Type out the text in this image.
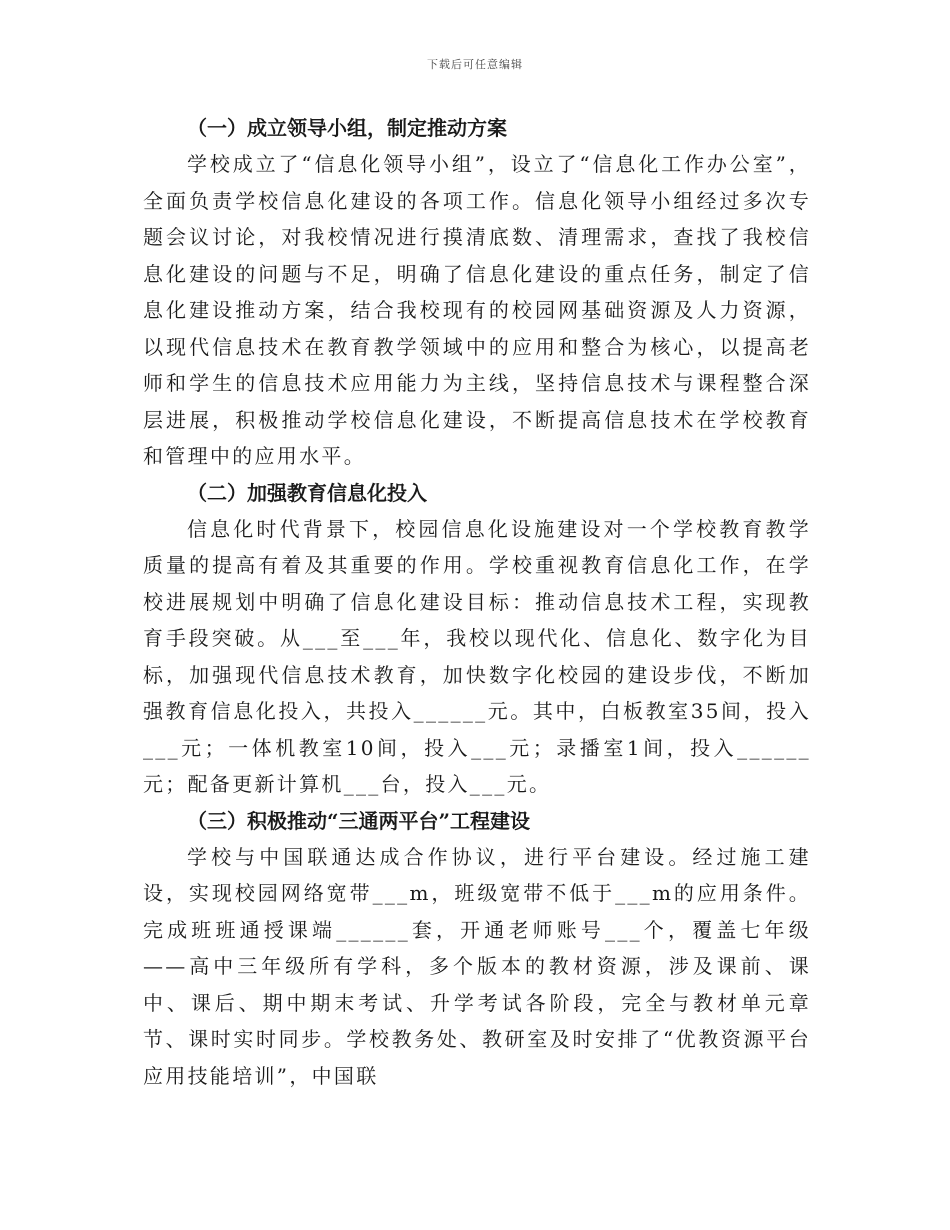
下载后可任意编辑
（一）成立领导小组，制定推动方案

学校成立了“信息化领导小组”，设立了“信息化工作办公室”，全面负责学校信息化建设的各项工作。信息化领导小组经过多次专题会议讨论，对我校情况进行摸清底数、清理需求，查找了我校信息化建设的问题与不足，明确了信息化建设的重点任务，制定了信息化建设推动方案，结合我校现有的校园网基础资源及人力资源，以现代信息技术在教育教学领域中的应用和整合为核心，以提高老师和学生的信息技术应用能力为主线，坚持信息技术与课程整合深层进展，积极推动学校信息化建设，不断提高信息技术在学校教育和管理中的应用水平。

（二）加强教育信息化投入

信息化时代背景下，校园信息化设施建设对一个学校教育教学质量的提高有着及其重要的作用。学校重视教育信息化工作，在学校进展规划中明确了信息化建设目标：推动信息技术工程，实现教育手段突破。从___至___年，我校以现代化、信息化、数字化为目标，加强现代信息技术教育，加快数字化校园的建设步伐，不断加强教育信息化投入，共投入______元。其中，白板教室35间，投入___元；一体机教室10间，投入___元；录播室1间，投入______元；配备更新计算机___台，投入___元。

（三）积极推动“三通两平台”工程建设

学校与中国联通达成合作协议，进行平台建设。经过施工建设，实现校园网络宽带___m，班级宽带不低于___m的应用条件。完成班班通授课端______套，开通老师账号___个，覆盖七年级——高中三年级所有学科，多个版本的教材资源，涉及课前、课中、课后、期中期末考试、升学考试各阶段，完全与教材单元章节、课时实时同步。学校教务处、教研室及时安排了“优教资源平台应用技能培训”，中国联
